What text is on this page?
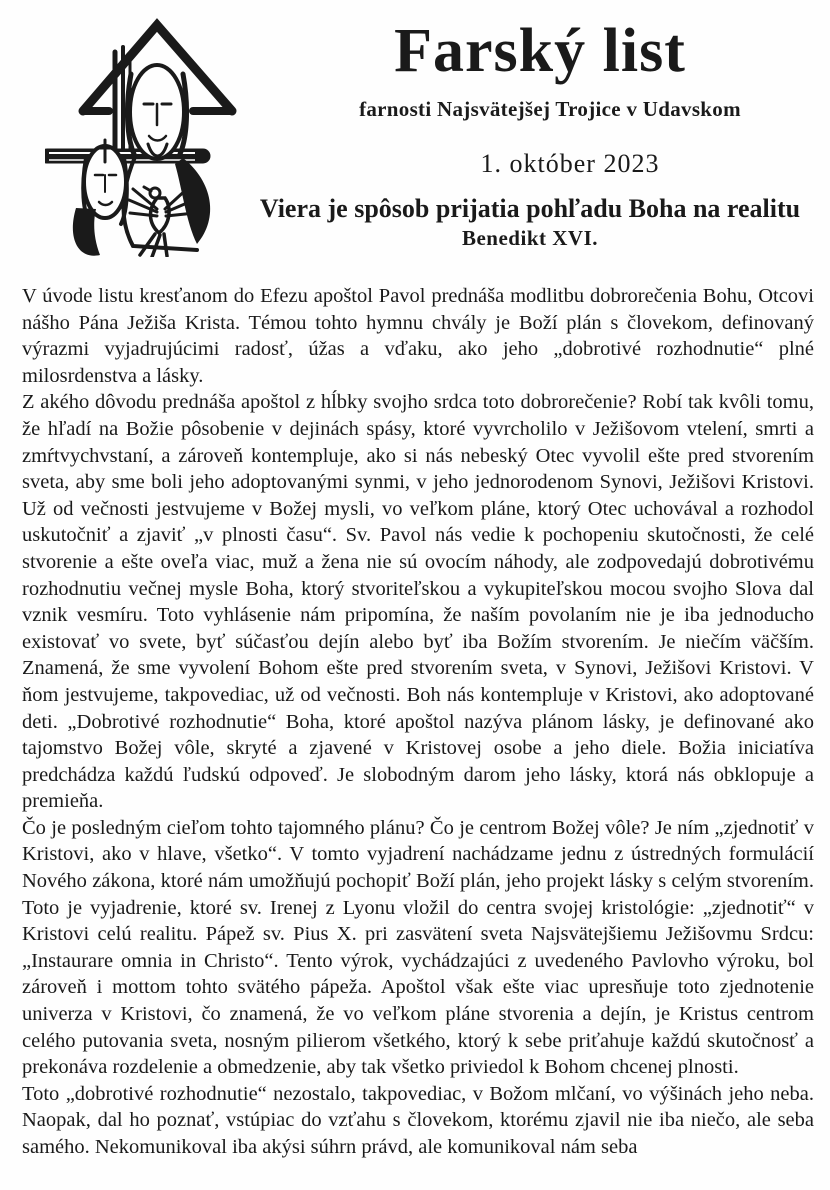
Farský list
farnosti Najsvätejšej Trojice v Udavskom
1. október 2023
Viera je spôsob prijatia pohľadu Boha na realitu
Benedikt XVI.

V úvode listu kresťanom do Efezu apoštol Pavol prednáša modlitbu dobrorečenia Bohu, Otcovi nášho Pána Ježiša Krista. Témou tohto hymnu chvály je Boží plán s človekom, definovaný výrazmi vyjadrujúcimi radosť, úžas a vďaku, ako jeho „dobrotivé rozhodnutie“ plné milosrdenstva a lásky.

Z akého dôvodu prednáša apoštol z hĺbky svojho srdca toto dobrorečenie? Robí tak kvôli tomu, že hľadí na Božie pôsobenie v dejinách spásy, ktoré vyvrcholilo v Ježišovom vtelení, smrti a zmŕtvychvstaní, a zároveň kontempluje, ako si nás nebeský Otec vyvolil ešte pred stvorením sveta, aby sme boli jeho adoptovanými synmi, v jeho jednorodenom Synovi, Ježišovi Kristovi. Už od večnosti jestvujeme v Božej mysli, vo veľkom pláne, ktorý Otec uchovával a rozhodol uskutočniť a zjaviť „v plnosti času“. Sv. Pavol nás vedie k pochopeniu skutočnosti, že celé stvorenie a ešte oveľa viac, muž a žena nie sú ovocím náhody, ale zodpovedajú dobrotivému rozhodnutiu večnej mysle Boha, ktorý stvoriteľskou a vykupiteľskou mocou svojho Slova dal vznik vesmíru. Toto vyhlásenie nám pripomína, že naším povolaním nie je iba jednoducho existovať vo svete, byť súčasťou dejín alebo byť iba Božím stvorením. Je niečím väčším. Znamená, že sme vyvolení Bohom ešte pred stvorením sveta, v Synovi, Ježišovi Kristovi. V ňom jestvujeme, takpovediac, už od večnosti. Boh nás kontempluje v Kristovi, ako adoptované deti. „Dobrotivé rozhodnutie“ Boha, ktoré apoštol nazýva plánom lásky, je definované ako tajomstvo Božej vôle, skryté a zjavené v Kristovej osobe a jeho diele. Božia iniciatíva predchádza každú ľudskú odpoveď. Je slobodným darom jeho lásky, ktorá nás obklopuje a premieňa.

Čo je posledným cieľom tohto tajomného plánu? Čo je centrom Božej vôle? Je ním „zjednotiť v Kristovi, ako v hlave, všetko“. V tomto vyjadrení nachádzame jednu z ústredných formulácií Nového zákona, ktoré nám umožňujú pochopiť Boží plán, jeho projekt lásky s celým stvorením. Toto je vyjadrenie, ktoré sv. Irenej z Lyonu vložil do centra svojej kristológie: „zjednotiť“ v Kristovi celú realitu. Pápež sv. Pius X. pri zasvätení sveta Najsvätejšiemu Ježišovmu Srdcu: „Instaurare omnia in Christo“. Tento výrok, vychádzajúci z uvedeného Pavlovho výroku, bol zároveň i mottom tohto svätého pápeža. Apoštol však ešte viac upresňuje toto zjednotenie univerza v Kristovi, čo znamená, že vo veľkom pláne stvorenia a dejín, je Kristus centrom celého putovania sveta, nosným pilierom všetkého, ktorý k sebe priťahuje každú skutočnosť a prekonáva rozdelenie a obmedzenie, aby tak všetko priviedol k Bohom chcenej plnosti.

Toto „dobrotivé rozhodnutie“ nezostalo, takpovediac, v Božom mlčaní, vo výšinách jeho neba. Naopak, dal ho poznať, vstúpiac do vzťahu s človekom, ktorému zjavil nie iba niečo, ale seba samého. Nekomunikoval iba akýsi súhrn právd, ale komunikoval nám seba
